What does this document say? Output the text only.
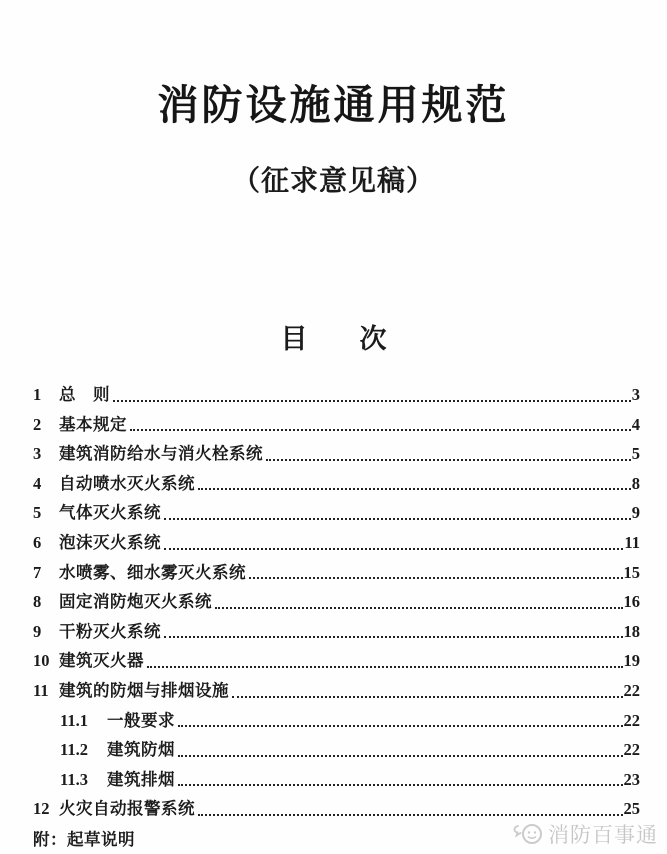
消防设施通用规范
（征求意见稿）
目 次
1	总　则	3
2	基本规定	4
3	建筑消防给水与消火栓系统	5
4	自动喷水灭火系统	8
5	气体灭火系统	9
6	泡沫灭火系统	11
7	水喷雾、细水雾灭火系统	15
8	固定消防炮灭火系统	16
9	干粉灭火系统	18
10 建筑灭火器	19
11 建筑的防烟与排烟设施	22
11.1	一般要求	22
11.2	建筑防烟	22
11.3	建筑排烟	23
12 火灾自动报警系统	25
附：起草说明	消防百事通
